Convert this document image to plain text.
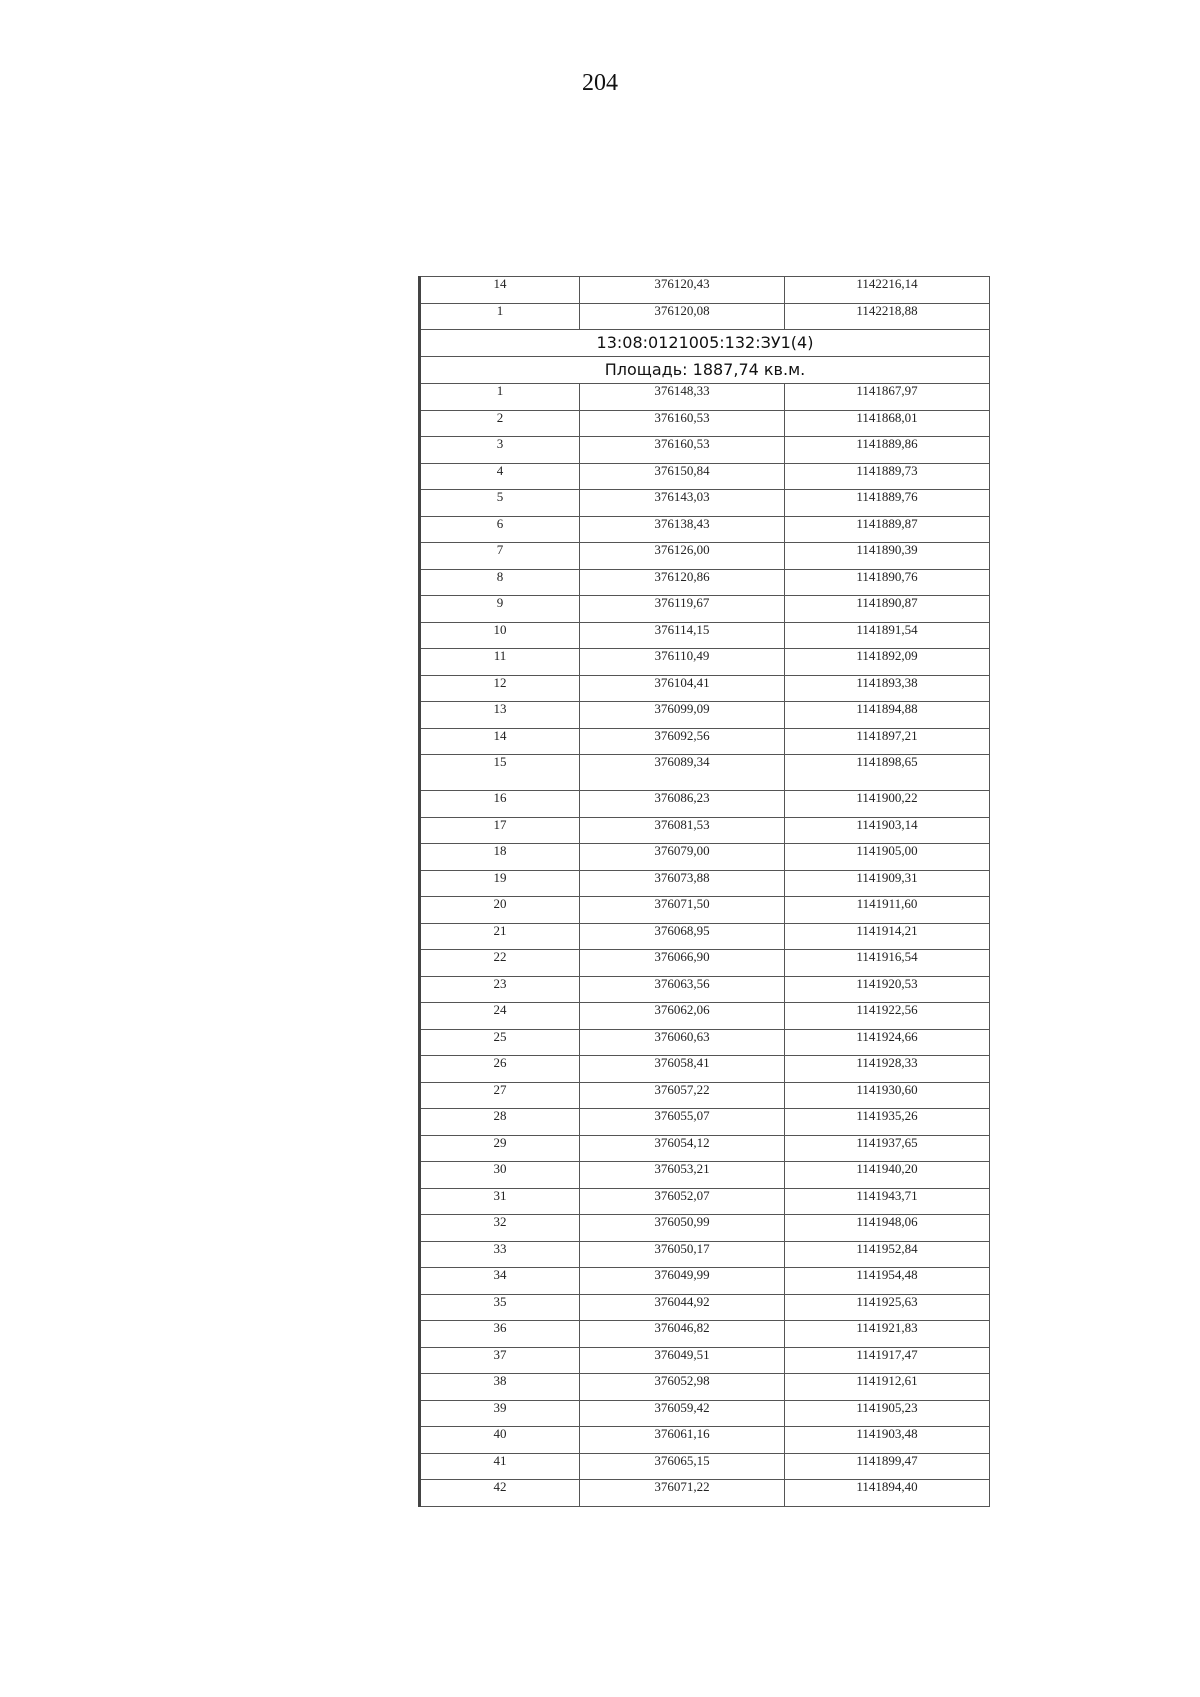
204
14	376120,43	1142216,14
1	376120,08	1142218,88
13:08:0121005:132:ЗУ1(4)		
Площадь: 1887,74 кв.м.		
1	376148,33	1141867,97
2	376160,53	1141868,01
3	376160,53	1141889,86
4	376150,84	1141889,73
5	376143,03	1141889,76
6	376138,43	1141889,87
7	376126,00	1141890,39
8	376120,86	1141890,76
9	376119,67	1141890,87
10	376114,15	1141891,54
11	376110,49	1141892,09
12	376104,41	1141893,38
13	376099,09	1141894,88
14	376092,56	1141897,21
15	376089,34	1141898,65
16	376086,23	1141900,22
17	376081,53	1141903,14
18	376079,00	1141905,00
19	376073,88	1141909,31
20	376071,50	1141911,60
21	376068,95	1141914,21
22	376066,90	1141916,54
23	376063,56	1141920,53
24	376062,06	1141922,56
25	376060,63	1141924,66
26	376058,41	1141928,33
27	376057,22	1141930,60
28	376055,07	1141935,26
29	376054,12	1141937,65
30	376053,21	1141940,20
31	376052,07	1141943,71
32	376050,99	1141948,06
33	376050,17	1141952,84
34	376049,99	1141954,48
35	376044,92	1141925,63
36	376046,82	1141921,83
37	376049,51	1141917,47
38	376052,98	1141912,61
39	376059,42	1141905,23
40	376061,16	1141903,48
41	376065,15	1141899,47
42	376071,22	1141894,40
